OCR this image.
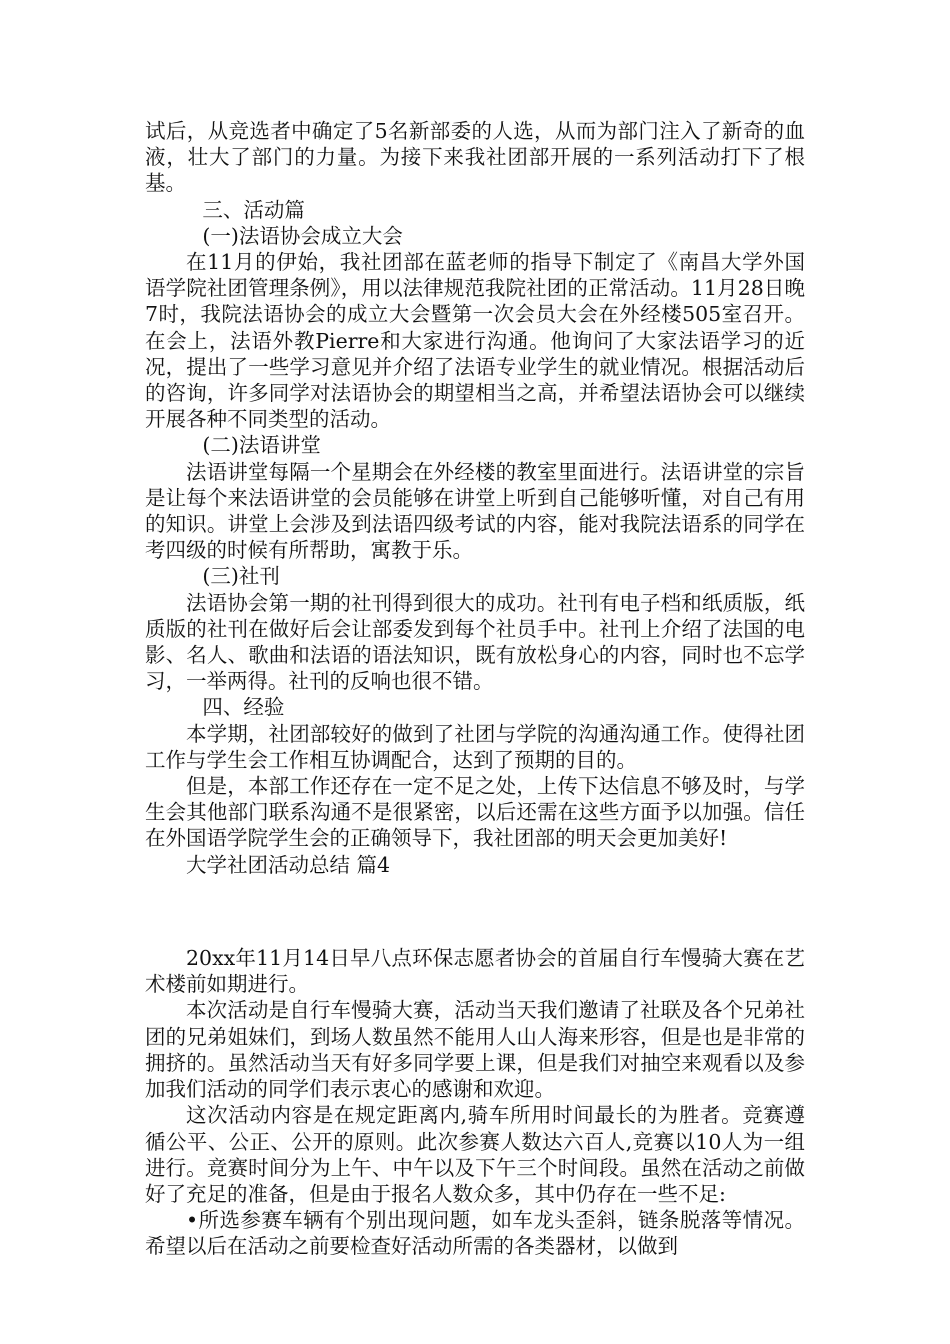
试后，从竞选者中确定了5名新部委的人选，从而为部门注入了新奇的血液，壮大了部门的力量。为接下来我社团部开展的一系列活动打下了根基。

三、活动篇

(一)法语协会成立大会

在11月的伊始，我社团部在蓝老师的指导下制定了《南昌大学外国语学院社团管理条例》，用以法律规范我院社团的正常活动。11月28日晚7时，我院法语协会的成立大会暨第一次会员大会在外经楼505室召开。在会上，法语外教Pierre和大家进行沟通。他询问了大家法语学习的近况，提出了一些学习意见并介绍了法语专业学生的就业情况。根据活动后的咨询，许多同学对法语协会的期望相当之高，并希望法语协会可以继续开展各种不同类型的活动。

(二)法语讲堂

法语讲堂每隔一个星期会在外经楼的教室里面进行。法语讲堂的宗旨是让每个来法语讲堂的会员能够在讲堂上听到自己能够听懂，对自己有用的知识。讲堂上会涉及到法语四级考试的内容，能对我院法语系的同学在考四级的时候有所帮助，寓教于乐。

(三)社刊

法语协会第一期的社刊得到很大的成功。社刊有电子档和纸质版，纸质版的社刊在做好后会让部委发到每个社员手中。社刊上介绍了法国的电影、名人、歌曲和法语的语法知识，既有放松身心的内容，同时也不忘学习，一举两得。社刊的反响也很不错。

四、经验

本学期，社团部较好的做到了社团与学院的沟通沟通工作。使得社团工作与学生会工作相互协调配合，达到了预期的目的。

但是，本部工作还存在一定不足之处，上传下达信息不够及时，与学生会其他部门联系沟通不是很紧密，以后还需在这些方面予以加强。信任在外国语学院学生会的正确领导下，我社团部的明天会更加美好!

大学社团活动总结 篇4

20xx年11月14日早八点环保志愿者协会的首届自行车慢骑大赛在艺术楼前如期进行。

本次活动是自行车慢骑大赛，活动当天我们邀请了社联及各个兄弟社团的兄弟姐妹们，到场人数虽然不能用人山人海来形容，但是也是非常的拥挤的。虽然活动当天有好多同学要上课，但是我们对抽空来观看以及参加我们活动的同学们表示衷心的感谢和欢迎。

这次活动内容是在规定距离内,骑车所用时间最长的为胜者。竞赛遵循公平、公正、公开的原则。此次参赛人数达六百人,竞赛以10人为一组进行。竞赛时间分为上午、中午以及下午三个时间段。虽然在活动之前做好了充足的准备，但是由于报名人数众多，其中仍存在一些不足:

•所选参赛车辆有个别出现问题，如车龙头歪斜，链条脱落等情况。希望以后在活动之前要检查好活动所需的各类器材，以做到
